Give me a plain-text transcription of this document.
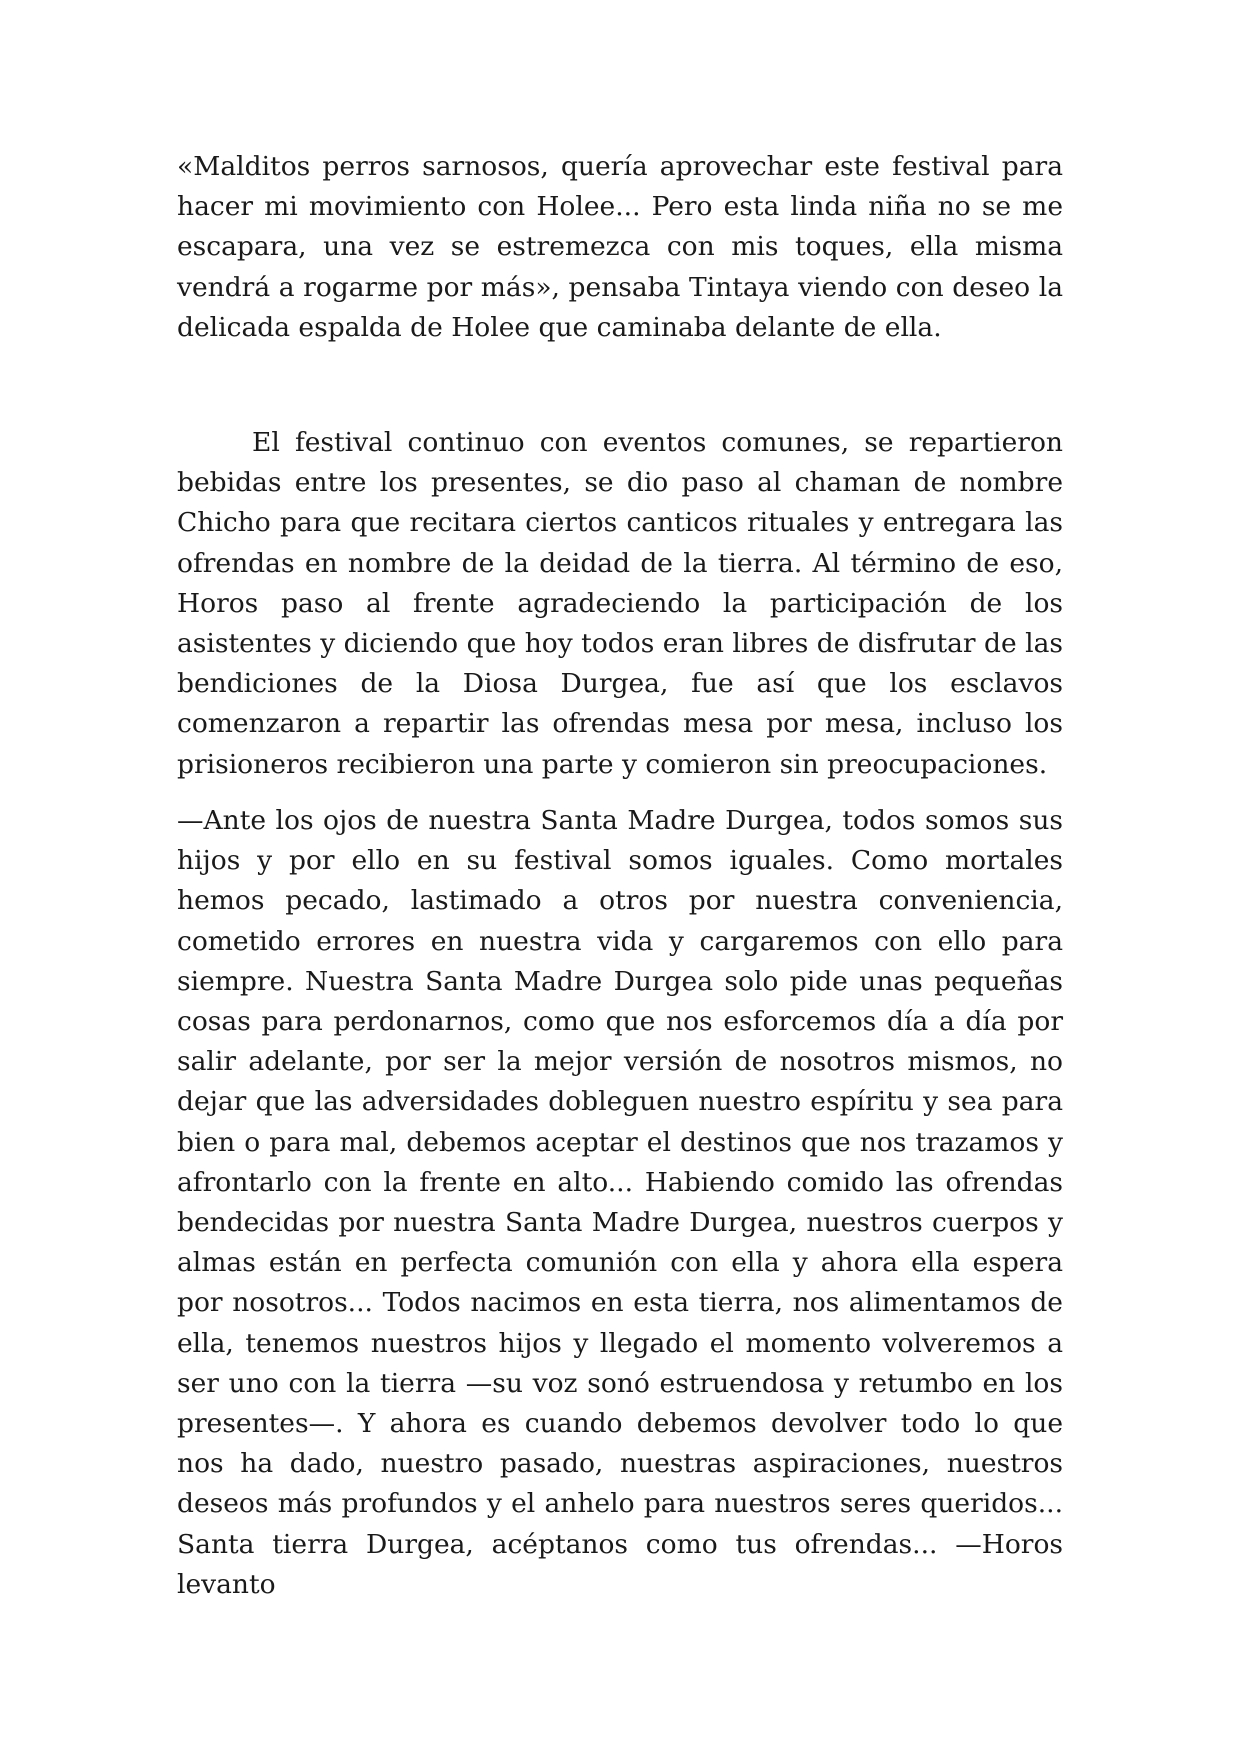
«Malditos perros sarnosos, quería aprovechar este festival para hacer mi movimiento con Holee... Pero esta linda niña no se me escapara, una vez se estremezca con mis toques, ella misma vendrá a rogarme por más», pensaba Tintaya viendo con deseo la delicada espalda de Holee que caminaba delante de ella.

El festival continuo con eventos comunes, se repartieron bebidas entre los presentes, se dio paso al chaman de nombre Chicho para que recitara ciertos canticos rituales y entregara las ofrendas en nombre de la deidad de la tierra. Al término de eso, Horos paso al frente agradeciendo la participación de los asistentes y diciendo que hoy todos eran libres de disfrutar de las bendiciones de la Diosa Durgea, fue así que los esclavos comenzaron a repartir las ofrendas mesa por mesa, incluso los prisioneros recibieron una parte y comieron sin preocupaciones.

—Ante los ojos de nuestra Santa Madre Durgea, todos somos sus hijos y por ello en su festival somos iguales. Como mortales hemos pecado, lastimado a otros por nuestra conveniencia, cometido errores en nuestra vida y cargaremos con ello para siempre. Nuestra Santa Madre Durgea solo pide unas pequeñas cosas para perdonarnos, como que nos esforcemos día a día por salir adelante, por ser la mejor versión de nosotros mismos, no dejar que las adversidades dobleguen nuestro espíritu y sea para bien o para mal, debemos aceptar el destinos que nos trazamos y afrontarlo con la frente en alto... Habiendo comido las ofrendas bendecidas por nuestra Santa Madre Durgea, nuestros cuerpos y almas están en perfecta comunión con ella y ahora ella espera por nosotros... Todos nacimos en esta tierra, nos alimentamos de ella, tenemos nuestros hijos y llegado el momento volveremos a ser uno con la tierra —su voz sonó estruendosa y retumbo en los presentes—. Y ahora es cuando debemos devolver todo lo que nos ha dado, nuestro pasado, nuestras aspiraciones, nuestros deseos más profundos y el anhelo para nuestros seres queridos... Santa tierra Durgea, acéptanos como tus ofrendas... —Horos levanto
